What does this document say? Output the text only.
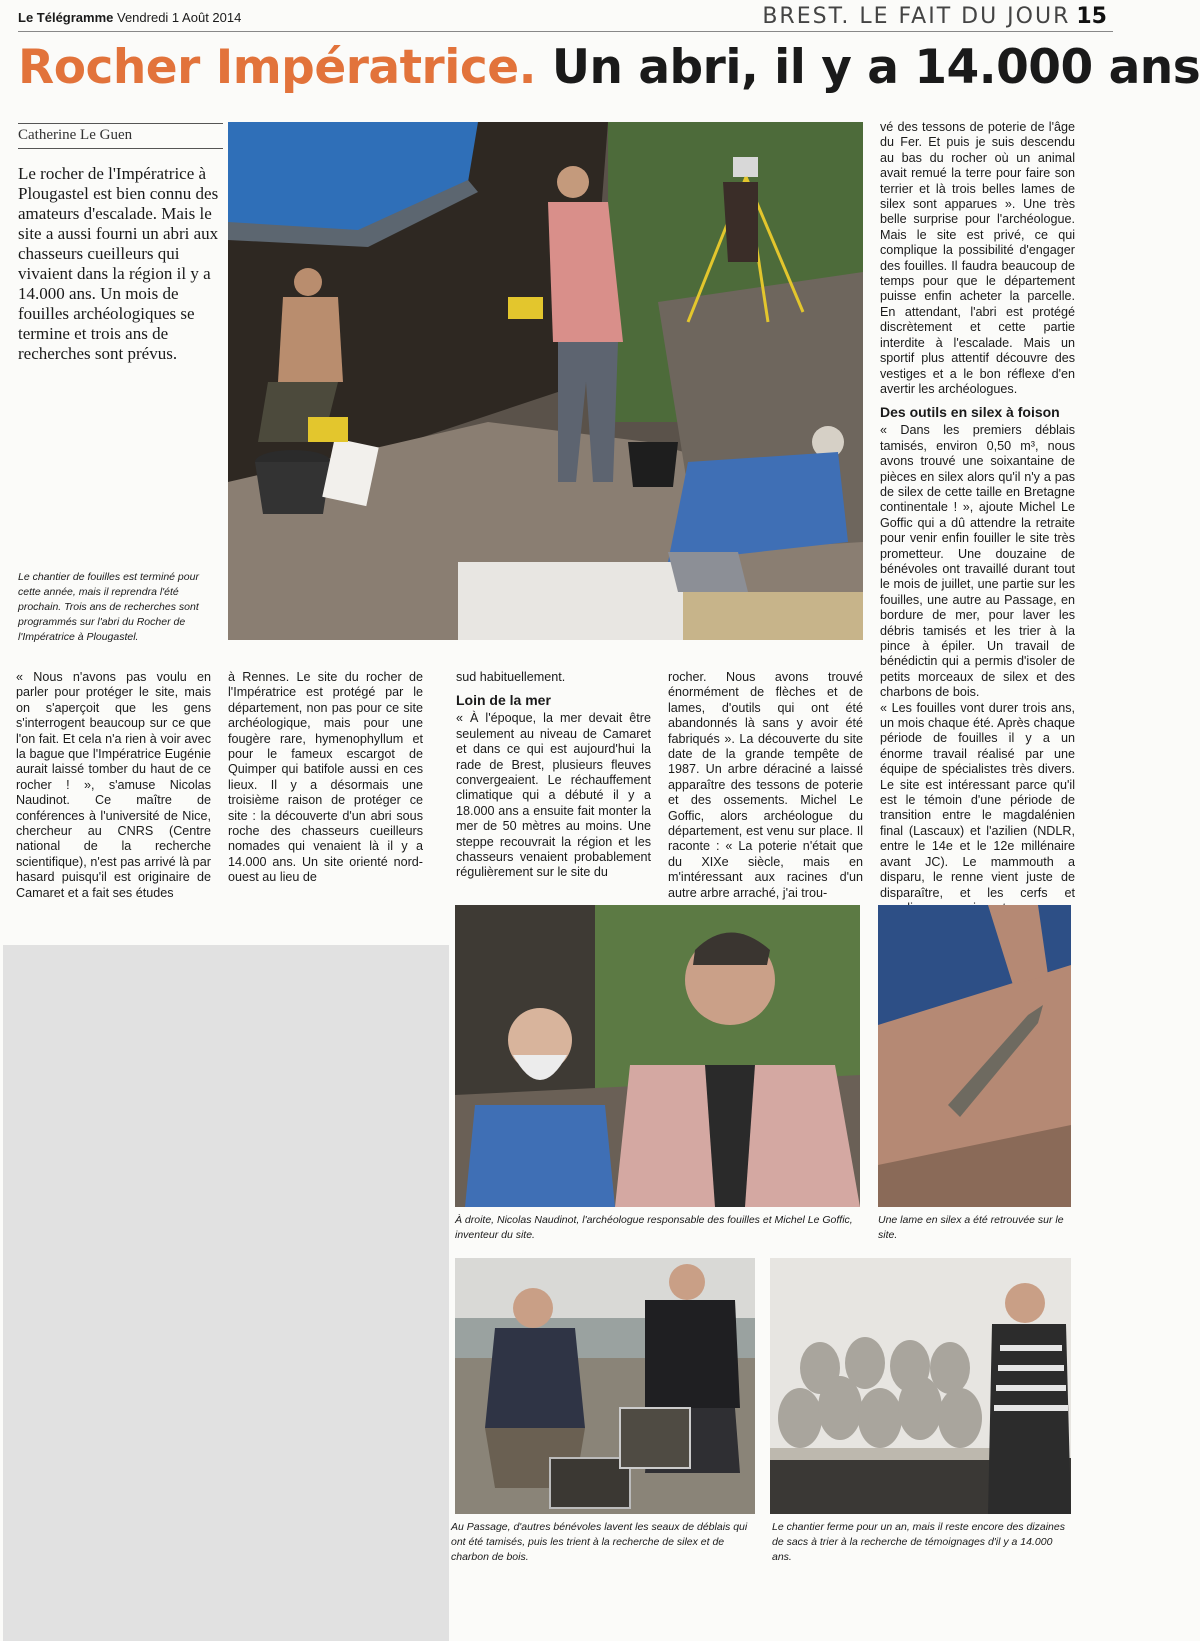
Le Télégramme Vendredi 1 Août 2014	BREST. LE FAIT DU JOUR 15
Rocher Impératrice. Un abri, il y a 14.000 ans
Catherine Le Guen
Le rocher de l'Impératrice à Plougastel est bien connu des amateurs d'escalade. Mais le site a aussi fourni un abri aux chasseurs cueilleurs qui vivaient dans la région il y a 14.000 ans. Un mois de fouilles archéologiques se termine et trois ans de recherches sont prévus.
Le chantier de fouilles est terminé pour cette année, mais il reprendra l'été prochain. Trois ans de recherches sont programmés sur l'abri du Rocher de l'Impératrice à Plougastel.

vé des tessons de poterie de l'âge du Fer. Et puis je suis descendu au bas du rocher où un animal avait remué la terre pour faire son terrier et là trois belles lames de silex sont apparues ». Une très belle surprise pour l'archéologue. Mais le site est privé, ce qui complique la possibilité d'engager des fouilles. Il faudra beaucoup de temps pour que le département puisse enfin acheter la parcelle. En attendant, l'abri est protégé discrètement et cette partie interdite à l'escalade. Mais un sportif plus attentif découvre des vestiges et a le bon réflexe d'en avertir les archéologues.

Des outils en silex à foison

« Dans les premiers déblais tamisés, environ 0,50 m³, nous avons trouvé une soixantaine de pièces en silex alors qu'il n'y a pas de silex de cette taille en Bretagne continentale ! », ajoute Michel Le Goffic qui a dû attendre la retraite pour venir enfin fouiller le site très prometteur. Une douzaine de bénévoles ont travaillé durant tout le mois de juillet, une partie sur les fouilles, une autre au Passage, en bordure de mer, pour laver les débris tamisés et les trier à la pince à épiler. Un travail de bénédictin qui a permis d'isoler de petits morceaux de silex et des charbons de bois.

« Les fouilles vont durer trois ans, un mois chaque été. Après chaque période de fouilles il y a un énorme travail réalisé par une équipe de spécialistes très divers. Le site est intéressant parce qu'il est le témoin d'une période de transition entre le magdalénien final (Lascaux) et l'azilien (NDLR, entre le 14e et le 12e millénaire avant JC). Le mammouth a disparu, le renne vient juste de disparaître, et les cerfs et

« Nous n'avons pas voulu en parler pour protéger le site, mais on s'aperçoit que les gens s'interrogent beaucoup sur ce que l'on fait. Et cela n'a rien à voir avec la bague que l'Impératrice Eugénie aurait laissé tomber du haut de ce rocher ! », s'amuse Nicolas Naudinot. Ce maître de conférences à l'université de Nice, chercheur au CNRS (Centre national de la recherche scientifique), n'est pas arrivé là par hasard puisqu'il est originaire de Camaret et a fait ses études

à Rennes. Le site du rocher de l'Impératrice est protégé par le département, non pas pour ce site archéologique, mais pour une fougère rare, hymenophyllum et pour le fameux escargot de Quimper qui batifole aussi en ces lieux. Il y a désormais une troisième raison de protéger ce site : la découverte d'un abri sous roche des chasseurs cueilleurs nomades qui venaient là il y a 14.000 ans. Un site orienté nord-ouest au lieu de

sud habituellement.

Loin de la mer

« À l'époque, la mer devait être seulement au niveau de Camaret et dans ce qui est aujourd'hui la rade de Brest, plusieurs fleuves convergeaient. Le réchauffement climatique qui a débuté il y a 18.000 ans a ensuite fait monter la mer de 50 mètres au moins. Une steppe recouvrait la région et les chasseurs venaient probablement régulièrement sur le site du

rocher. Nous avons trouvé énormément de flèches et de lames, d'outils qui ont été abandonnés là sans y avoir été fabriqués ». La découverte du site date de la grande tempête de 1987. Un arbre déraciné a laissé apparaître des tessons de poterie et des ossements. Michel Le Goffic, alors archéologue du département, est venu sur place. Il raconte : « La poterie n'était que du XIXe siècle, mais en m'intéressant aux racines d'un autre arbre arraché, j'ai trou-

À droite, Nicolas Naudinot, l'archéologue responsable des fouilles et Michel Le Goffic, inventeur du site.
Une lame en silex a été retrouvée sur le site.
Au Passage, d'autres bénévoles lavent les seaux de déblais qui ont été tamisés, puis les trient à la recherche de silex et de charbon de bois.
Le chantier ferme pour un an, mais il reste encore des dizaines de sacs à trier à la recherche de témoignages d'il y a 14.000 ans.
